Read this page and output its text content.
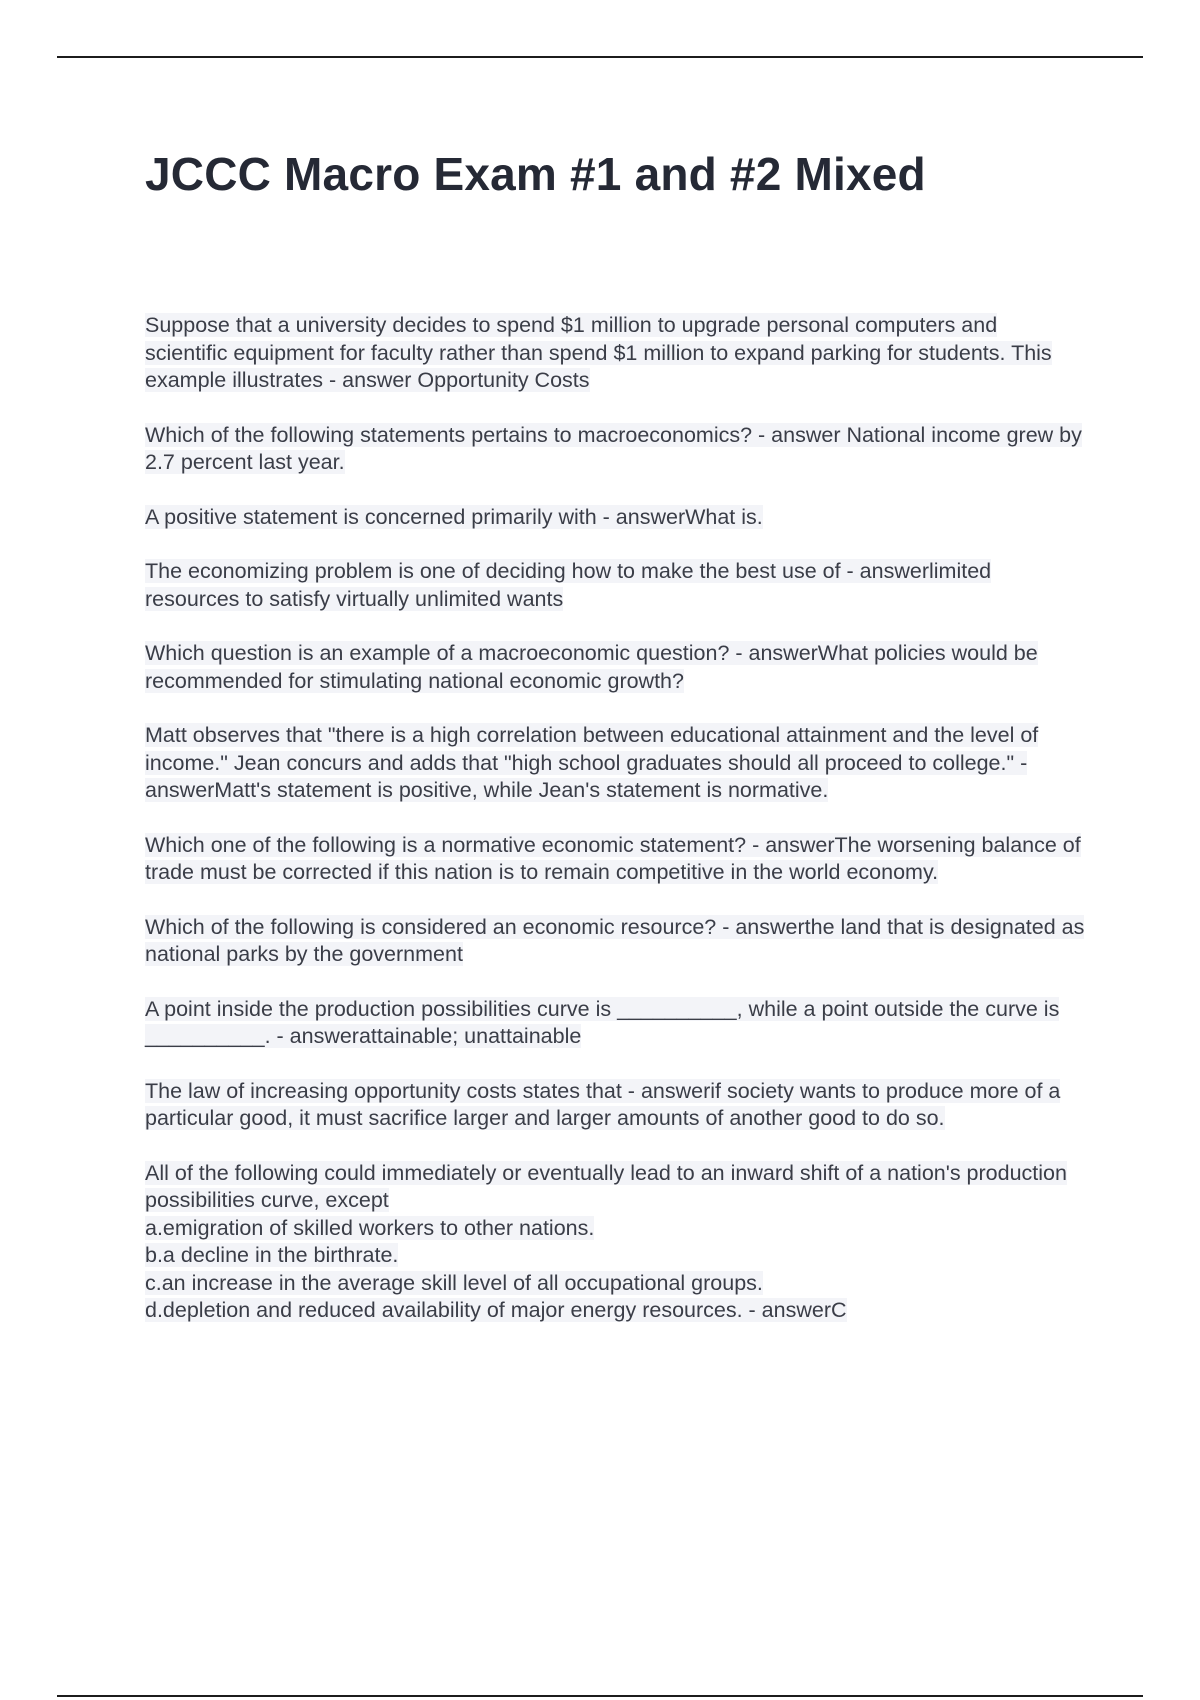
JCCC Macro Exam #1 and #2 Mixed

Suppose that a university decides to spend $1 million to upgrade personal computers and scientific equipment for faculty rather than spend $1 million to expand parking for students. This example illustrates - answer Opportunity Costs

Which of the following statements pertains to macroeconomics? - answer National income grew by 2.7 percent last year.

A positive statement is concerned primarily with - answerWhat is.

The economizing problem is one of deciding how to make the best use of - answerlimited resources to satisfy virtually unlimited wants

Which question is an example of a macroeconomic question? - answerWhat policies would be recommended for stimulating national economic growth?

Matt observes that "there is a high correlation between educational attainment and the level of income." Jean concurs and adds that "high school graduates should all proceed to college." - answerMatt's statement is positive, while Jean's statement is normative.

Which one of the following is a normative economic statement? - answerThe worsening balance of trade must be corrected if this nation is to remain competitive in the world economy.

Which of the following is considered an economic resource? - answerthe land that is designated as national parks by the government

A point inside the production possibilities curve is __________, while a point outside the curve is __________. - answerattainable; unattainable

The law of increasing opportunity costs states that - answerif society wants to produce more of a particular good, it must sacrifice larger and larger amounts of another good to do so.

All of the following could immediately or eventually lead to an inward shift of a nation's production possibilities curve, except
a.emigration of skilled workers to other nations.
b.a decline in the birthrate.
c.an increase in the average skill level of all occupational groups.
d.depletion and reduced availability of major energy resources. - answerC
